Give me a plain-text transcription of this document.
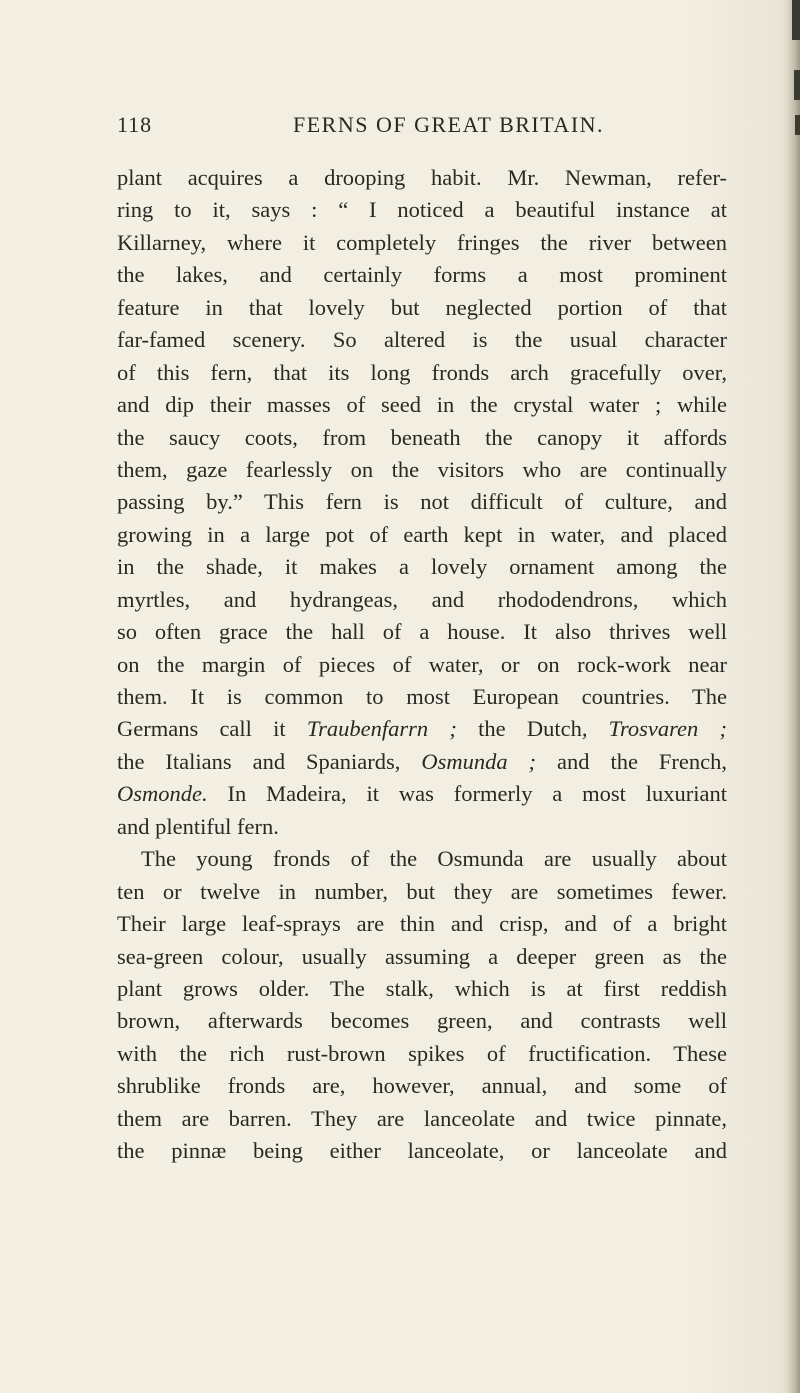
118	FERNS OF GREAT BRITAIN.
plant acquires a drooping habit. Mr. Newman, refer-
ring to it, says : “ I noticed a beautiful instance at
Killarney, where it completely fringes the river between
the lakes, and certainly forms a most prominent
feature in that lovely but neglected portion of that
far-famed scenery. So altered is the usual character
of this fern, that its long fronds arch gracefully over,
and dip their masses of seed in the crystal water ; while
the saucy coots, from beneath the canopy it affords
them, gaze fearlessly on the visitors who are continually
passing by.” This fern is not difficult of culture, and
growing in a large pot of earth kept in water, and placed
in the shade, it makes a lovely ornament among the
myrtles, and hydrangeas, and rhododendrons, which
so often grace the hall of a house. It also thrives well
on the margin of pieces of water, or on rock-work near
them. It is common to most European countries. The
Germans call it Traubenfarrn ; the Dutch, Trosvaren ;
the Italians and Spaniards, Osmunda ; and the French,
Osmonde. In Madeira, it was formerly a most luxuriant
and plentiful fern.
The young fronds of the Osmunda are usually about
ten or twelve in number, but they are sometimes fewer.
Their large leaf-sprays are thin and crisp, and of a bright
sea-green colour, usually assuming a deeper green as the
plant grows older. The stalk, which is at first reddish
brown, afterwards becomes green, and contrasts well
with the rich rust-brown spikes of fructification. These
shrublike fronds are, however, annual, and some of
them are barren. They are lanceolate and twice pinnate,
the pinnæ being either lanceolate, or lanceolate and
